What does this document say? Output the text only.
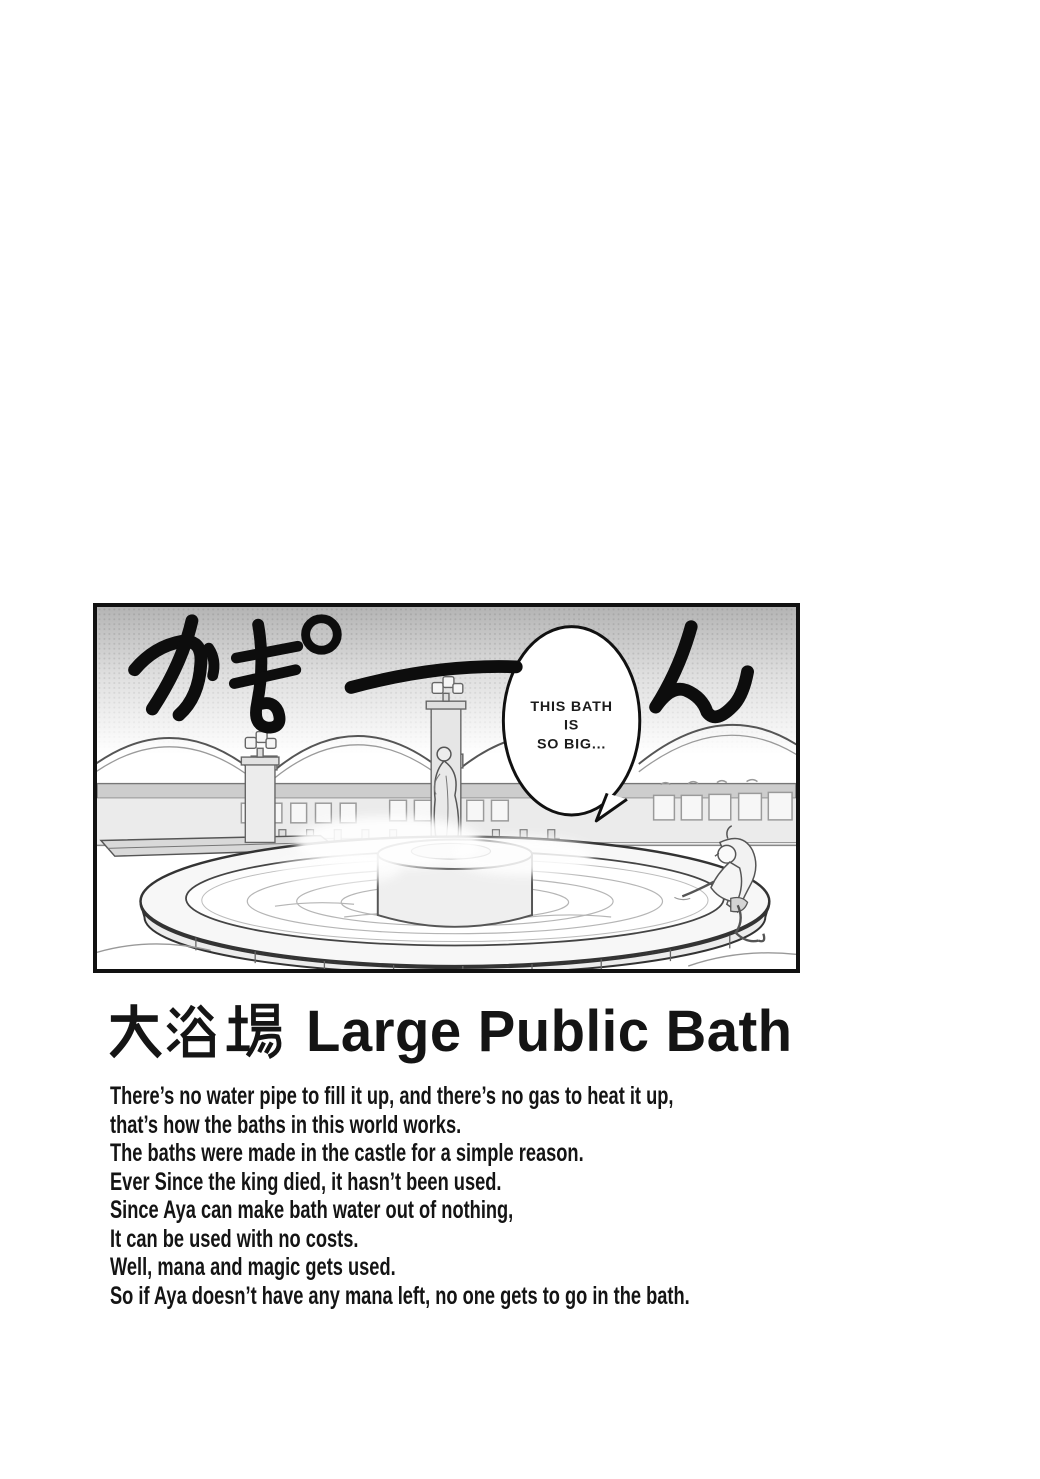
THIS BATH
IS
SO BIG...
Large Public Bath
There’s no water pipe to fill it up, and there’s no gas to heat it up,
that’s how the baths in this world works.
The baths were made in the castle for a simple reason.
Ever Since the king died, it hasn’t been used.
Since Aya can make bath water out of nothing,
It can be used with no costs.
Well, mana and magic gets used.
So if Aya doesn’t have any mana left, no one gets to go in the bath.
